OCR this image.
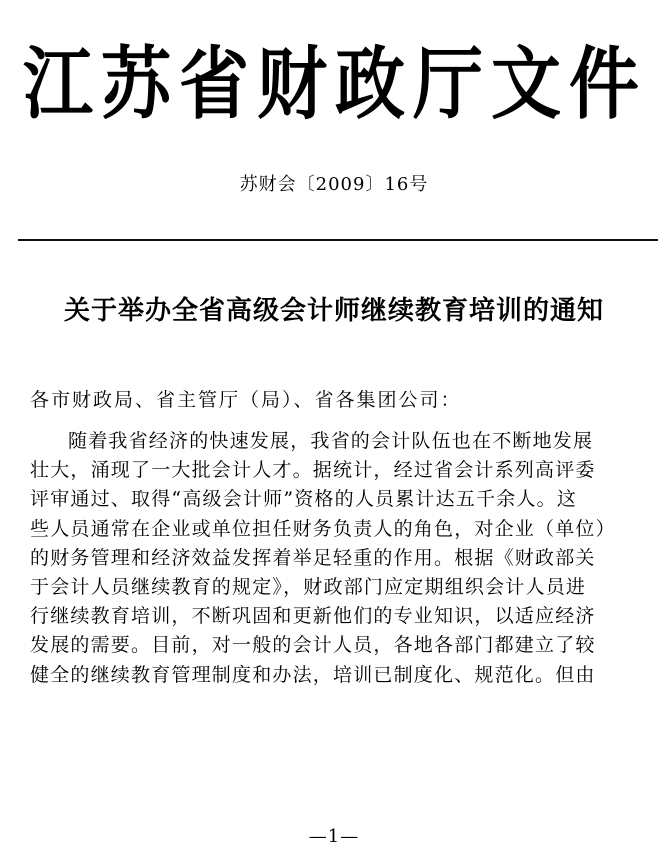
江苏省财政厅文件
苏财会〔2009〕16号
关于举办全省高级会计师继续教育培训的通知
各市财政局、省主管厅（局）、省各集团公司：
随着我省经济的快速发展，我省的会计队伍也在不断地发展
壮大，涌现了一大批会计人才。据统计，经过省会计系列高评委
评审通过、取得“高级会计师”资格的人员累计达五千余人。这
些人员通常在企业或单位担任财务负责人的角色，对企业（单位）
的财务管理和经济效益发挥着举足轻重的作用。根据《财政部关
于会计人员继续教育的规定》，财政部门应定期组织会计人员进
行继续教育培训，不断巩固和更新他们的专业知识，以适应经济
发展的需要。目前，对一般的会计人员，各地各部门都建立了较
健全的继续教育管理制度和办法，培训已制度化、规范化。但由
—1—
